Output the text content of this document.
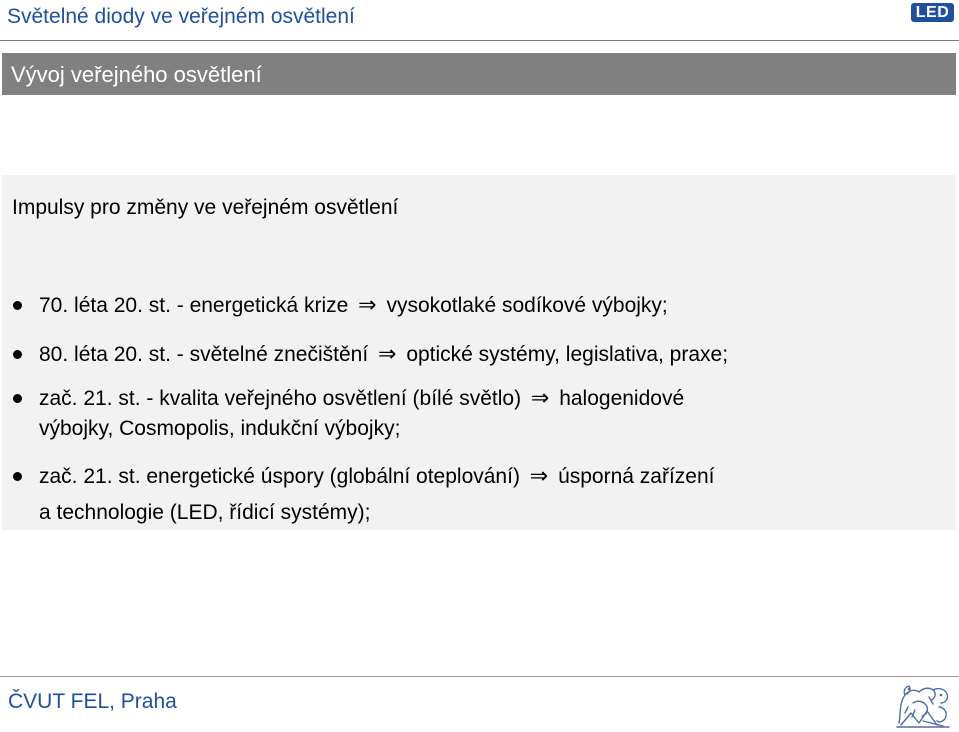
Světelné diody ve veřejném osvětlení	LED
Vývoj veřejného osvětlení
Impulsy pro změny ve veřejném osvětlení
70. léta 20. st. - energetická krize ⇒ vysokotlaké sodíkové výbojky;
80. léta 20. st. - světelné znečištění ⇒ optické systémy, legislativa, praxe;
zač. 21. st. - kvalita veřejného osvětlení (bílé světlo) ⇒ halogenidové
výbojky, Cosmopolis, indukční výbojky;
zač. 21. st. energetické úspory (globální oteplování) ⇒ úsporná zařízení
a technologie (LED, řídicí systémy);
ČVUT FEL, Praha
